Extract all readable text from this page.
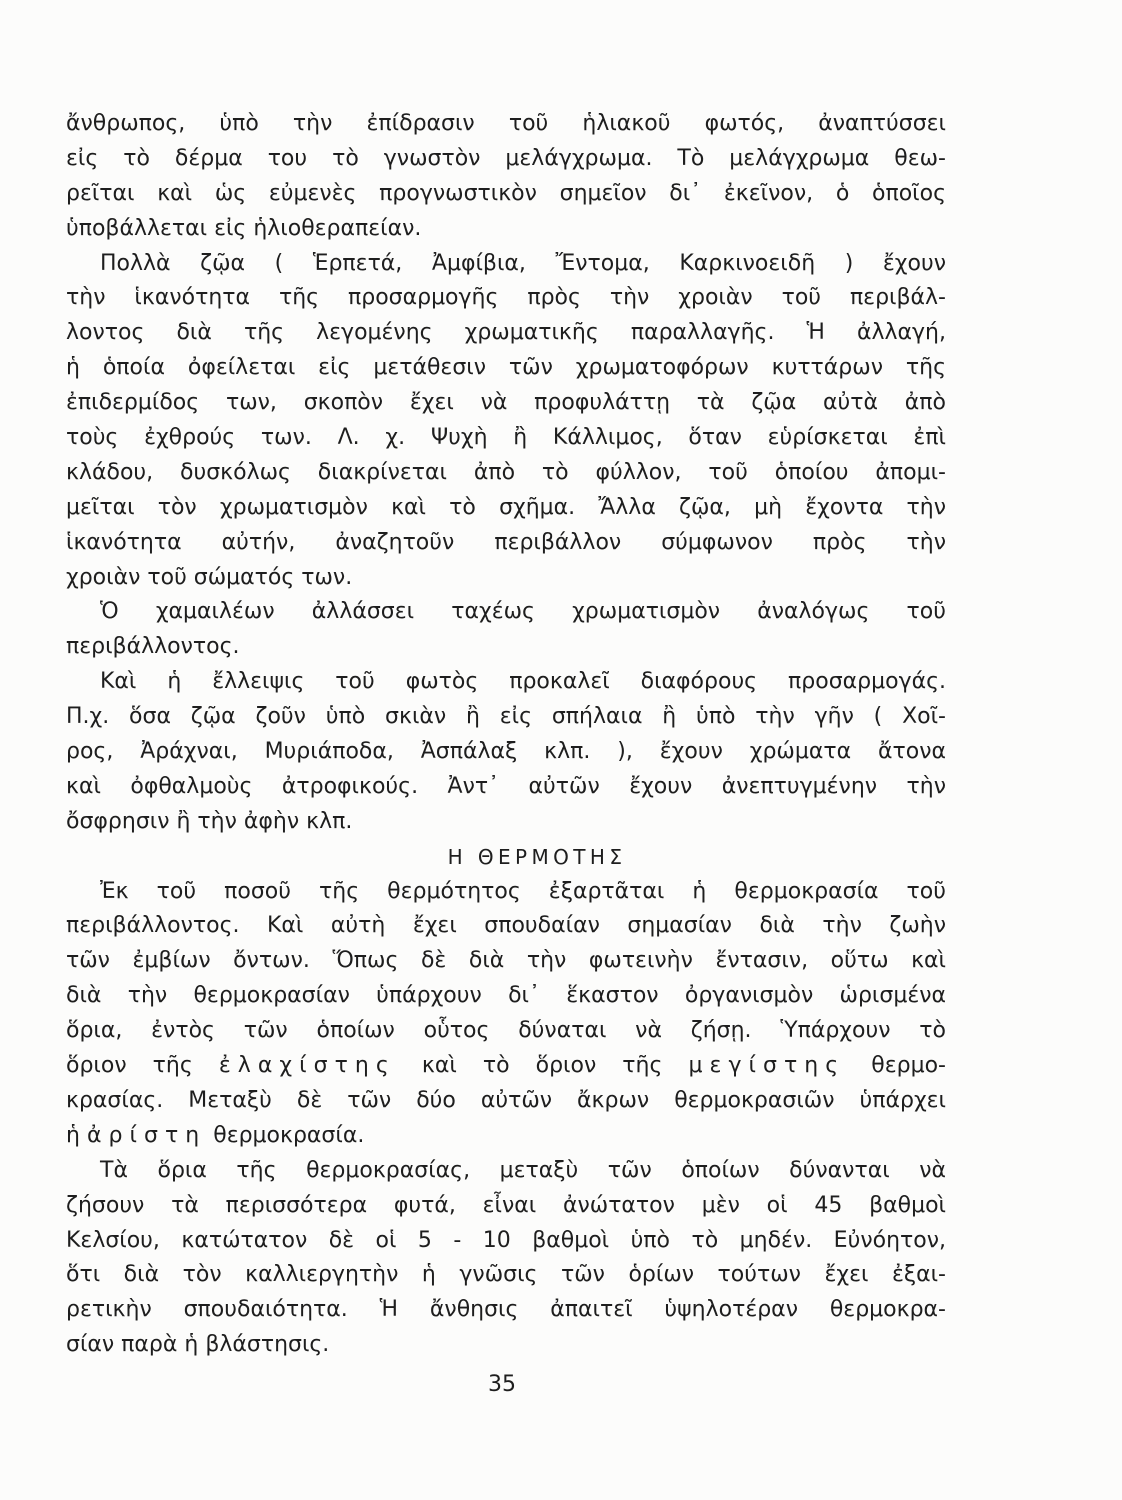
ἄνθρωπος, ὑπὸ τὴν ἐπίδρασιν τοῦ ἡλιακοῦ φωτός, ἀναπτύσσει
εἰς τὸ δέρμα του τὸ γνωστὸν μελάγχρωμα. Τὸ μελάγχρωμα θεω-
ρεῖται καὶ ὡς εὐμενὲς προγνωστικὸν σημεῖον δι᾽ ἐκεῖνον, ὁ ὁποῖος
ὑποβάλλεται εἰς ἡλιοθεραπείαν.
Πολλὰ ζῷα ( Ἑρπετά, Ἀμφίβια, Ἔντομα, Καρκινοειδῆ ) ἔχουν
τὴν ἱκανότητα τῆς προσαρμογῆς πρὸς τὴν χροιὰν τοῦ περιβάλ-
λοντος διὰ τῆς λεγομένης χρωματικῆς παραλλαγῆς. Ἡ ἀλλαγή,
ἡ ὁποία ὀφείλεται εἰς μετάθεσιν τῶν χρωματοφόρων κυττάρων τῆς
ἐπιδερμίδος των, σκοπὸν ἔχει νὰ προφυλάττῃ τὰ ζῷα αὐτὰ ἀπὸ
τοὺς ἐχθρούς των. Λ. χ. Ψυχὴ ἢ Κάλλιμος, ὅταν εὑρίσκεται ἐπὶ
κλάδου, δυσκόλως διακρίνεται ἀπὸ τὸ φύλλον, τοῦ ὁποίου ἀπομι-
μεῖται τὸν χρωματισμὸν καὶ τὸ σχῆμα. Ἄλλα ζῷα, μὴ ἔχοντα τὴν
ἱκανότητα αὐτήν, ἀναζητοῦν περιβάλλον σύμφωνον πρὸς τὴν
χροιὰν τοῦ σώματός των.
Ὁ χαμαιλέων ἀλλάσσει ταχέως χρωματισμὸν ἀναλόγως τοῦ
περιβάλλοντος.
Καὶ ἡ ἔλλειψις τοῦ φωτὸς προκαλεῖ διαφόρους προσαρμογάς.
Π.χ. ὅσα ζῷα ζοῦν ὑπὸ σκιὰν ἢ εἰς σπήλαια ἢ ὑπὸ τὴν γῆν ( Χοῖ-
ρος, Ἀράχναι, Μυριάποδα, Ἀσπάλαξ κλπ. ), ἔχουν χρώματα ἄτονα
καὶ ὀφθαλμοὺς ἀτροφικούς. Ἀντ᾽ αὐτῶν ἔχουν ἀνεπτυγμένην τὴν
ὄσφρησιν ἢ τὴν ἀφὴν κλπ.
Η ΘΕΡΜΟΤΗΣ
Ἐκ τοῦ ποσοῦ τῆς θερμότητος ἐξαρτᾶται ἡ θερμοκρασία τοῦ
περιβάλλοντος. Καὶ αὐτὴ ἔχει σπουδαίαν σημασίαν διὰ τὴν ζωὴν
τῶν ἐμβίων ὄντων. Ὅπως δὲ διὰ τὴν φωτεινὴν ἔντασιν, οὕτω καὶ
διὰ τὴν θερμοκρασίαν ὑπάρχουν δι᾽ ἕκαστον ὀργανισμὸν ὡρισμένα
ὅρια, ἐντὸς τῶν ὁποίων οὗτος δύναται νὰ ζήσῃ. Ὑπάρχουν τὸ
ὅριον τῆς ἐλαχίστης καὶ τὸ ὅριον τῆς μεγίστης θερμο-
κρασίας. Μεταξὺ δὲ τῶν δύο αὐτῶν ἄκρων θερμοκρασιῶν ὑπάρχει
ἡ ἀρίστη θερμοκρασία.
Τὰ ὅρια τῆς θερμοκρασίας, μεταξὺ τῶν ὁποίων δύνανται νὰ
ζήσουν τὰ περισσότερα φυτά, εἶναι ἀνώτατον μὲν οἱ 45 βαθμοὶ
Κελσίου, κατώτατον δὲ οἱ 5 - 10 βαθμοὶ ὑπὸ τὸ μηδέν. Εὐνόητον,
ὅτι διὰ τὸν καλλιεργητὴν ἡ γνῶσις τῶν ὁρίων τούτων ἔχει ἐξαι-
ρετικὴν σπουδαιότητα. Ἡ ἄνθησις ἀπαιτεῖ ὑψηλοτέραν θερμοκρα-
σίαν παρὰ ἡ βλάστησις.
35
